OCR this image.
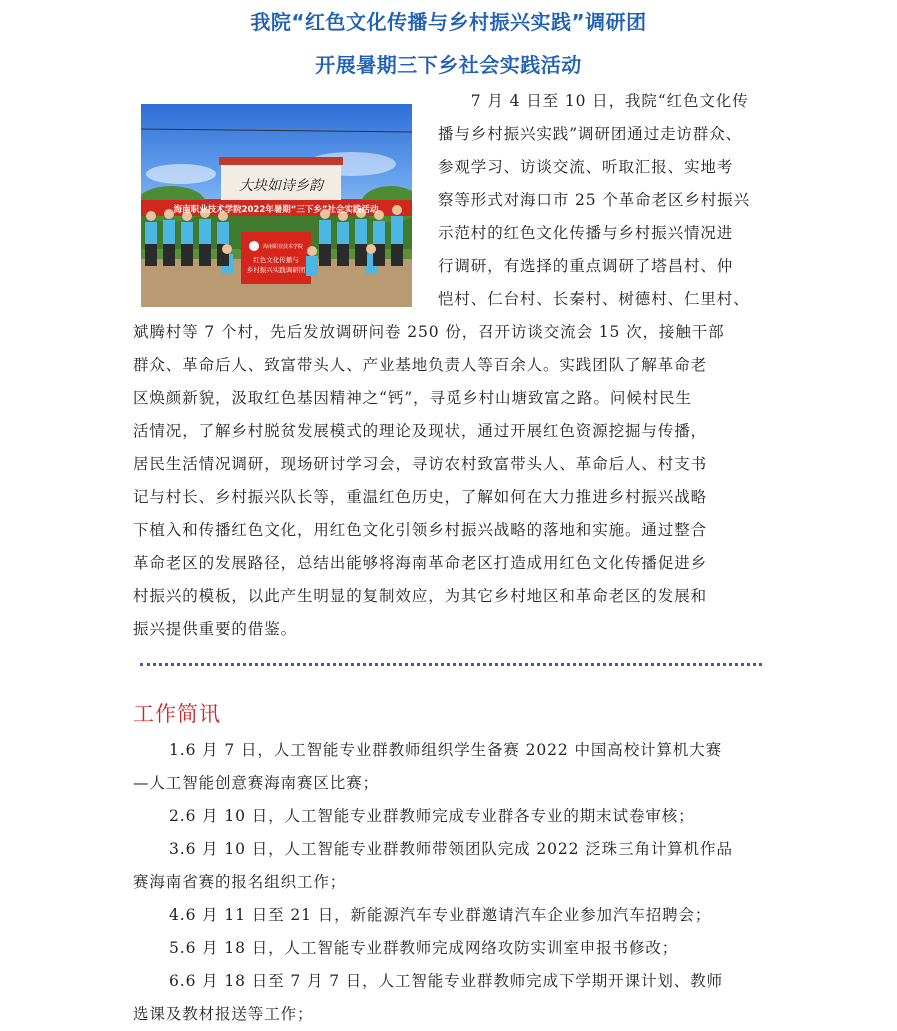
我院“红色文化传播与乡村振兴实践”调研团
开展暑期三下乡社会实践活动
大块如诗乡韵
海南职业技术学院2022年暑期“三下乡”社会实践活动
海南职业技术学院
红色文化传播与
乡村振兴实践调研团
　　7 月 4 日至 10 日，我院“红色文化传
播与乡村振兴实践”调研团通过走访群众、
参观学习、访谈交流、听取汇报、实地考
察等形式对海口市 25 个革命老区乡村振兴
示范村的红色文化传播与乡村振兴情况进
行调研，有选择的重点调研了塔昌村、仲
恺村、仁台村、长秦村、树德村、仁里村、
斌腾村等 7 个村，先后发放调研问卷 250 份，召开访谈交流会 15 次，接触干部
群众、革命后人、致富带头人、产业基地负责人等百余人。实践团队了解革命老
区焕颜新貌，汲取红色基因精神之“钙”，寻觅乡村山塘致富之路。问候村民生
活情况，了解乡村脱贫发展模式的理论及现状，通过开展红色资源挖掘与传播，
居民生活情况调研，现场研讨学习会，寻访农村致富带头人、革命后人、村支书
记与村长、乡村振兴队长等，重温红色历史，了解如何在大力推进乡村振兴战略
下植入和传播红色文化，用红色文化引领乡村振兴战略的落地和实施。通过整合
革命老区的发展路径，总结出能够将海南革命老区打造成用红色文化传播促进乡
村振兴的模板，以此产生明显的复制效应，为其它乡村地区和革命老区的发展和
振兴提供重要的借鉴。
工作简讯
1.6 月 7 日，人工智能专业群教师组织学生备赛 2022 中国高校计算机大赛
—人工智能创意赛海南赛区比赛；
2.6 月 10 日，人工智能专业群教师完成专业群各专业的期末试卷审核；
3.6 月 10 日，人工智能专业群教师带领团队完成 2022 泛珠三角计算机作品
赛海南省赛的报名组织工作；
4.6 月 11 日至 21 日，新能源汽车专业群邀请汽车企业参加汽车招聘会；
5.6 月 18 日，人工智能专业群教师完成网络攻防实训室申报书修改；
6.6 月 18 日至 7 月 7 日，人工智能专业群教师完成下学期开课计划、教师
选课及教材报送等工作；
